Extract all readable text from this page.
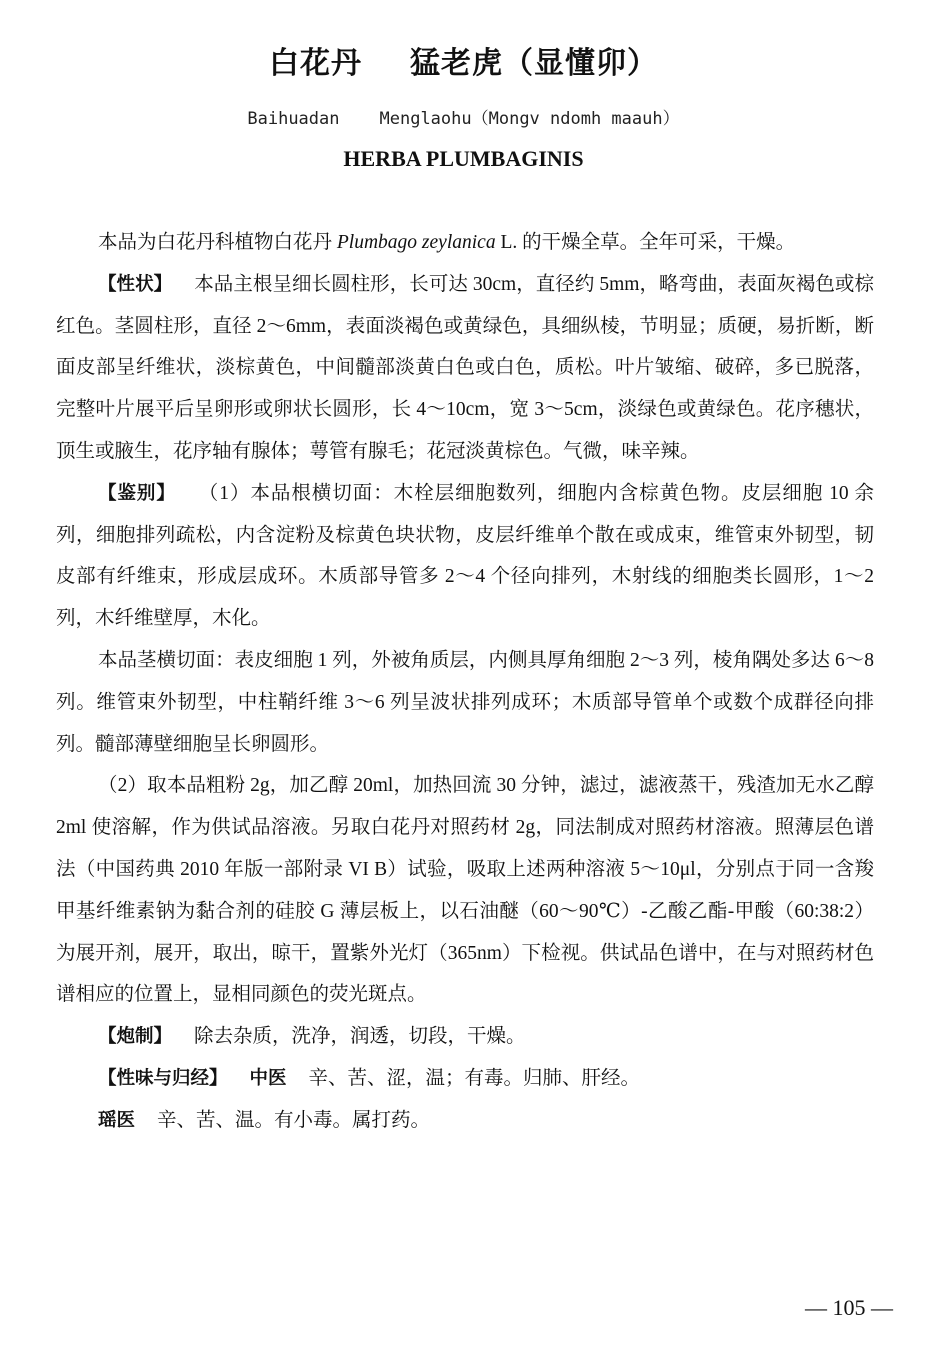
白花丹 猛老虎（显懂卯）
Baihuadan Menglaohu（Mongv ndomh maauh）
HERBA PLUMBAGINIS

本品为白花丹科植物白花丹 Plumbago zeylanica L. 的干燥全草。全年可采，干燥。

【性状】 本品主根呈细长圆柱形，长可达 30cm，直径约 5mm，略弯曲，表面灰褐色或棕红色。茎圆柱形，直径 2～6mm，表面淡褐色或黄绿色，具细纵棱，节明显；质硬，易折断，断面皮部呈纤维状，淡棕黄色，中间髓部淡黄白色或白色，质松。叶片皱缩、破碎，多已脱落，完整叶片展平后呈卵形或卵状长圆形，长 4～10cm，宽 3～5cm，淡绿色或黄绿色。花序穗状，顶生或腋生，花序轴有腺体；萼管有腺毛；花冠淡黄棕色。气微，味辛辣。

【鉴别】 （1）本品根横切面：木栓层细胞数列，细胞内含棕黄色物。皮层细胞 10 余列，细胞排列疏松，内含淀粉及棕黄色块状物，皮层纤维单个散在或成束，维管束外韧型，韧皮部有纤维束，形成层成环。木质部导管多 2～4 个径向排列，木射线的细胞类长圆形，1～2 列，木纤维壁厚，木化。

本品茎横切面：表皮细胞 1 列，外被角质层，内侧具厚角细胞 2～3 列，棱角隅处多达 6～8 列。维管束外韧型，中柱鞘纤维 3～6 列呈波状排列成环；木质部导管单个或数个成群径向排列。髓部薄壁细胞呈长卵圆形。

（2）取本品粗粉 2g，加乙醇 20ml，加热回流 30 分钟，滤过，滤液蒸干，残渣加无水乙醇 2ml 使溶解，作为供试品溶液。另取白花丹对照药材 2g，同法制成对照药材溶液。照薄层色谱法（中国药典 2010 年版一部附录 VI B）试验，吸取上述两种溶液 5～10μl，分别点于同一含羧甲基纤维素钠为黏合剂的硅胶 G 薄层板上，以石油醚（60～90℃）-乙酸乙酯-甲酸（60:38:2）为展开剂，展开，取出，晾干，置紫外光灯（365nm）下检视。供试品色谱中，在与对照药材色谱相应的位置上，显相同颜色的荧光斑点。

【炮制】 除去杂质，洗净，润透，切段，干燥。

【性味与归经】 中医 辛、苦、涩，温；有毒。归肺、肝经。

瑶医 辛、苦、温。有小毒。属打药。

— 105 —
